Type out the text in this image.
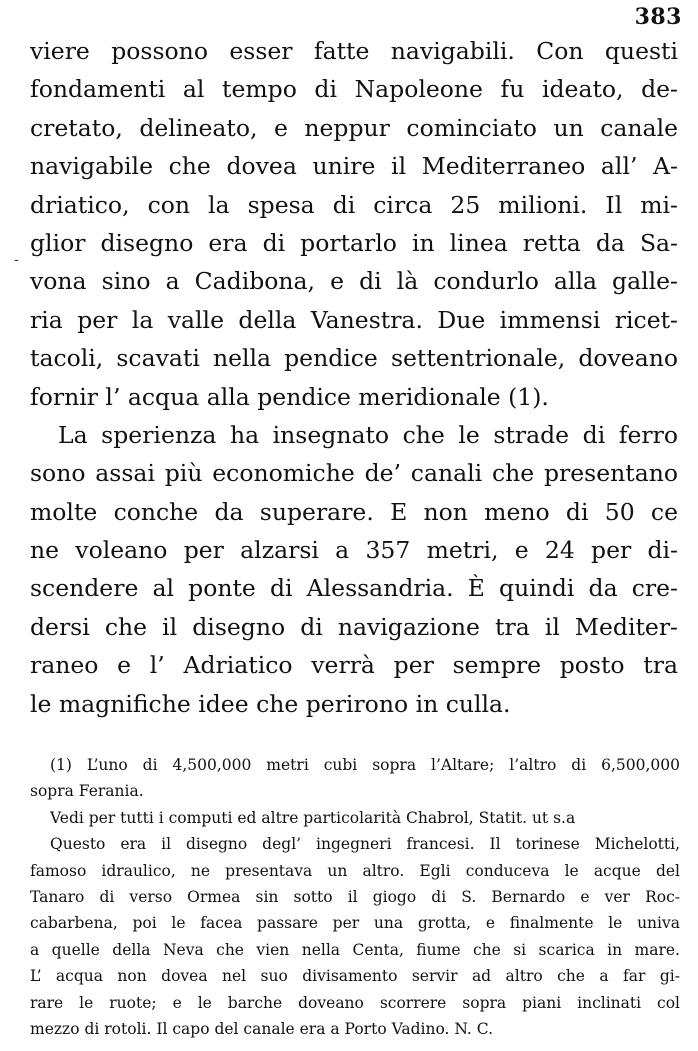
383
-
viere possono esser fatte navigabili. Con questi
fondamenti al tempo di Napoleone fu ideato, de-
cretato, delineato, e neppur cominciato un canale
navigabile che dovea unire il Mediterraneo all’ A-
driatico, con la spesa di circa 25 milioni. Il mi-
glior disegno era di portarlo in linea retta da Sa-
vona sino a Cadibona, e di là condurlo alla galle-
ria per la valle della Vanestra. Due immensi ricet-
tacoli, scavati nella pendice settentrionale, doveano
fornir l’ acqua alla pendice meridionale (1).
La sperienza ha insegnato che le strade di ferro
sono assai più economiche de’ canali che presentano
molte conche da superare. E non meno di 50 ce
ne voleano per alzarsi a 357 metri, e 24 per di-
scendere al ponte di Alessandria. È quindi da cre-
dersi che il disegno di navigazione tra il Mediter-
raneo e l’ Adriatico verrà per sempre posto tra
le magnifiche idee che perirono in culla.
(1) L’uno di 4,500,000 metri cubi sopra l’Altare; l’altro di 6,500,000
sopra Ferania.
Vedi per tutti i computi ed altre particolarità Chabrol, Statit. ut s.a
Questo era il disegno degl’ ingegneri francesi. Il torinese Michelotti,
famoso idraulico, ne presentava un altro. Egli conduceva le acque del
Tanaro di verso Ormea sin sotto il giogo di S. Bernardo e ver Roc-
cabarbena, poi le facea passare per una grotta, e finalmente le univa
a quelle della Neva che vien nella Centa, fiume che si scarica in mare.
L’ acqua non dovea nel suo divisamento servir ad altro che a far gi-
rare le ruote; e le barche doveano scorrere sopra piani inclinati col
mezzo di rotoli. Il capo del canale era a Porto Vadino. N. C.
